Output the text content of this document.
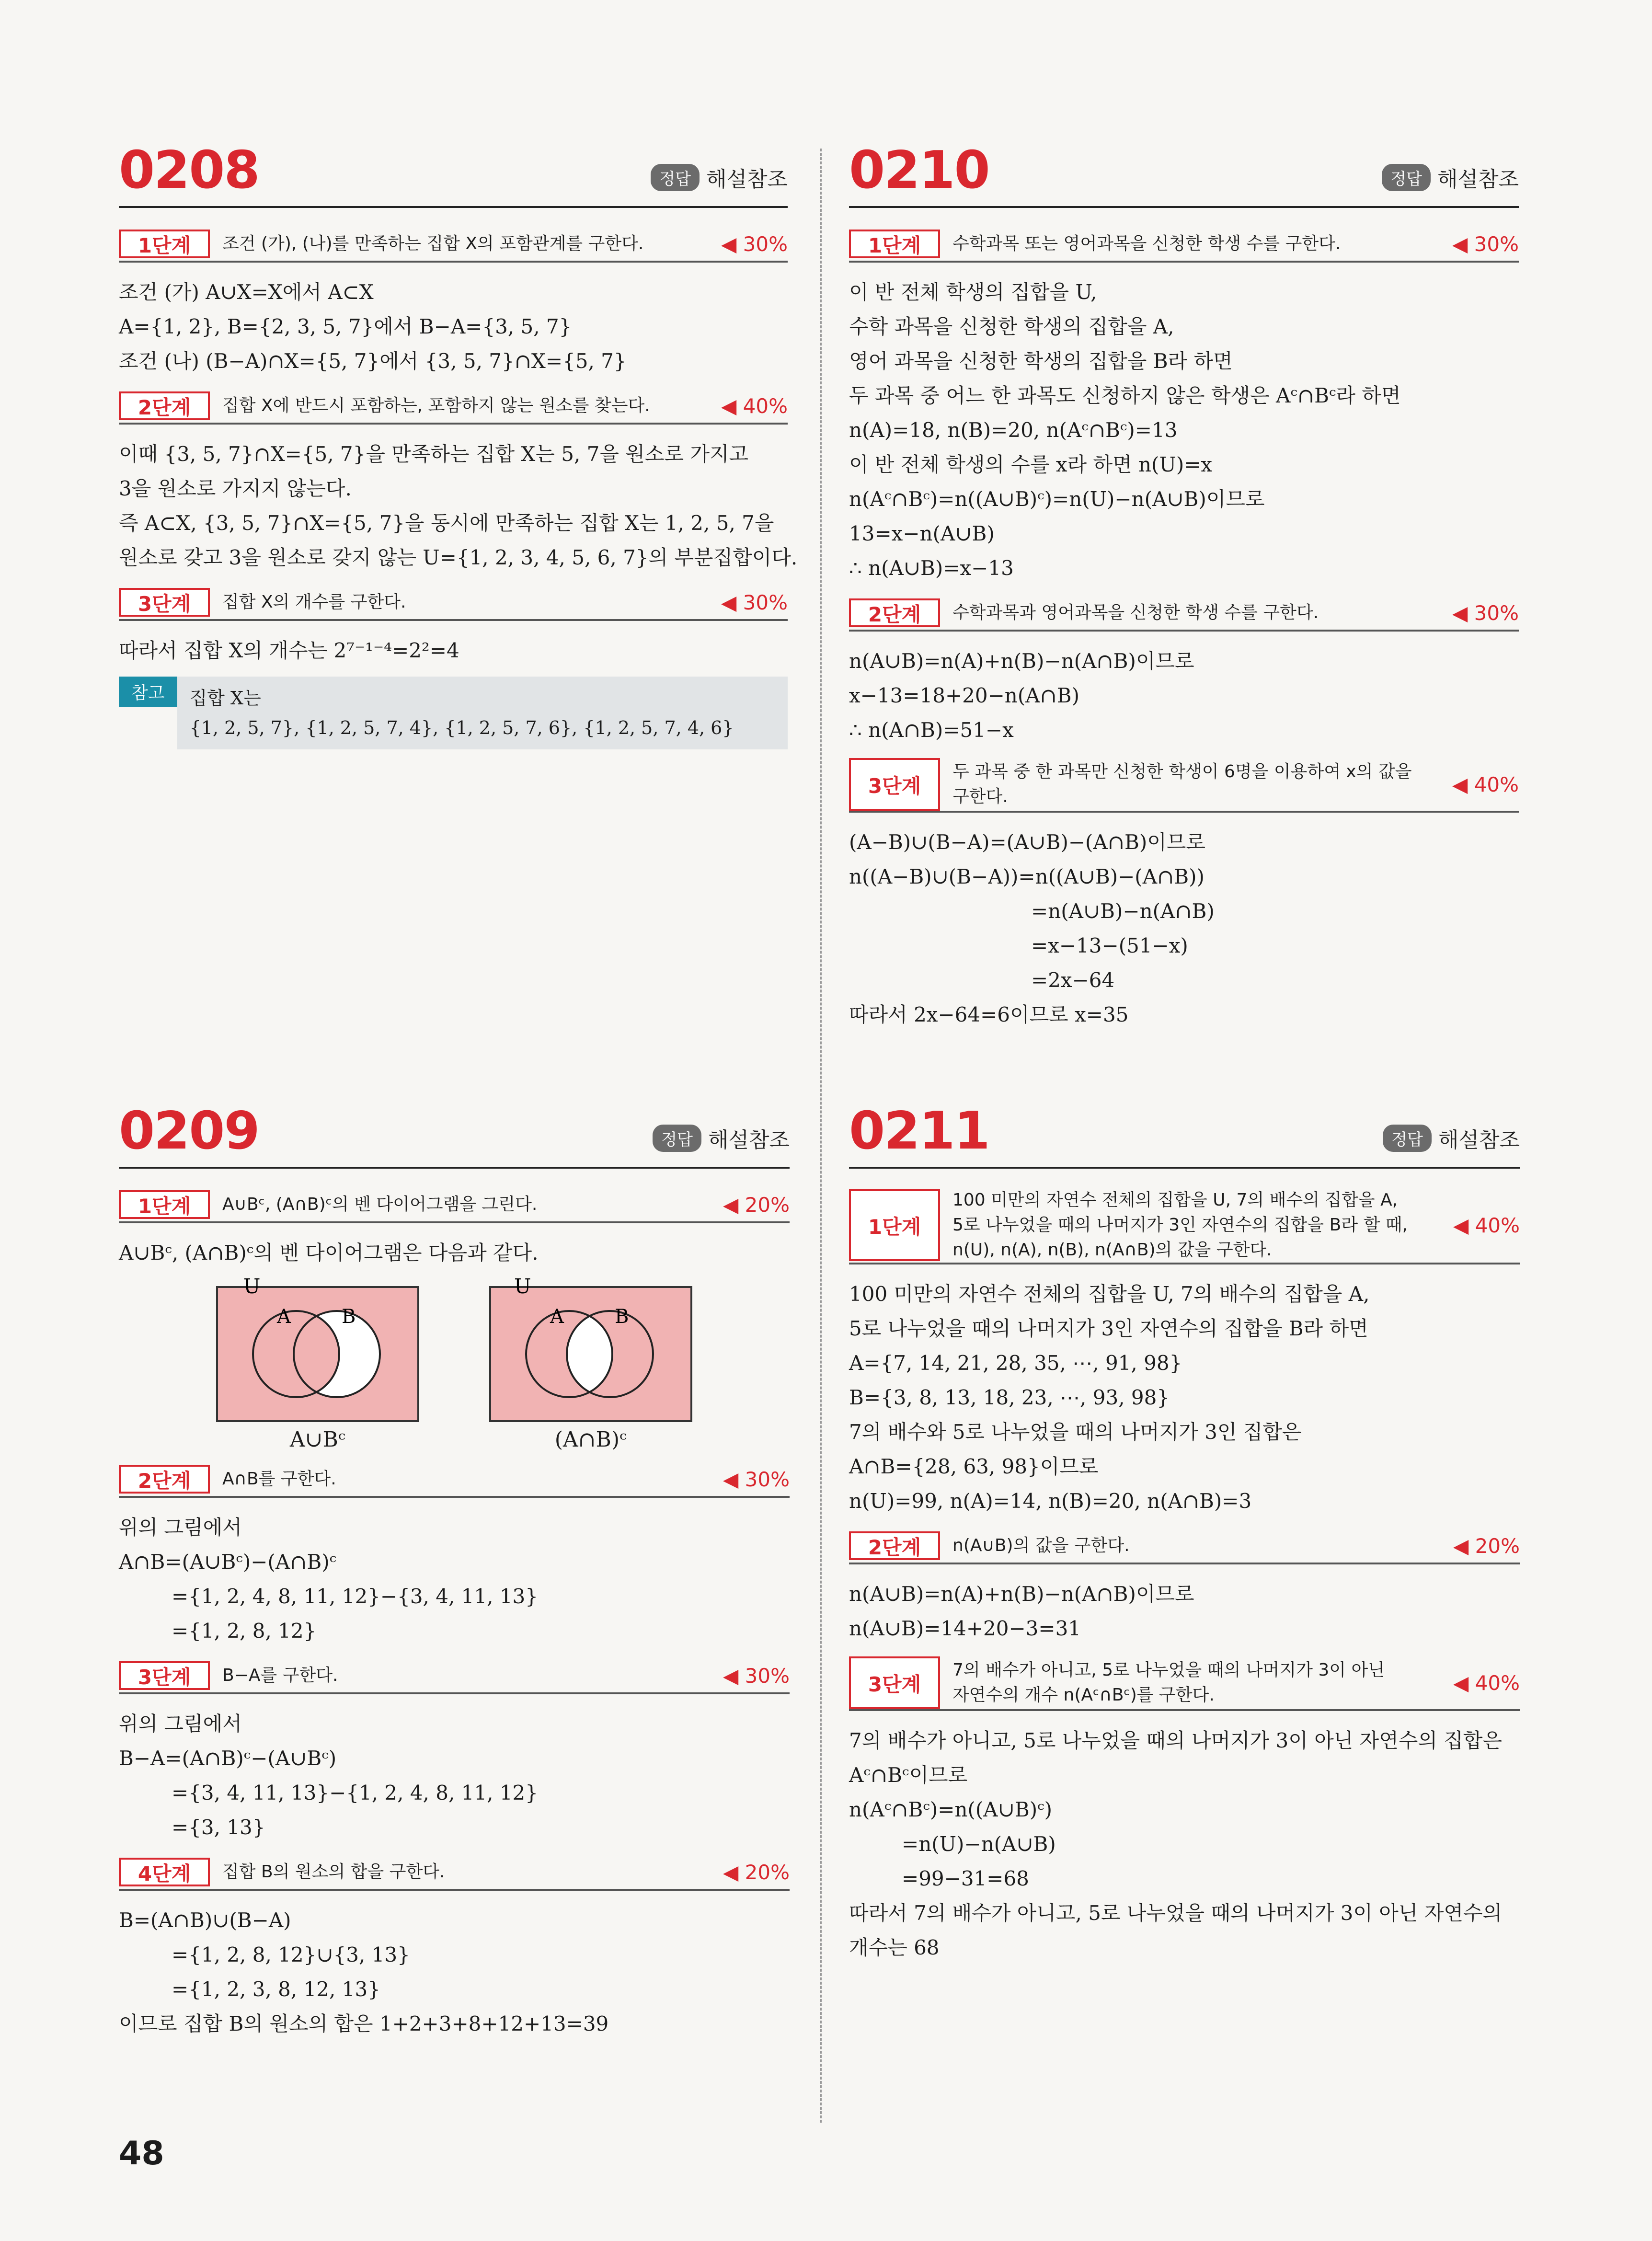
0208	정답 해설참조
1단계	조건 (가), (나)를 만족하는 집합 X의 포함관계를 구한다.	◀ 30%
조건 (가) A∪X=X에서 A⊂X
A={1, 2}, B={2, 3, 5, 7}에서 B−A={3, 5, 7}
조건 (나) (B−A)∩X={5, 7}에서 {3, 5, 7}∩X={5, 7}
2단계	집합 X에 반드시 포함하는, 포함하지 않는 원소를 찾는다.	◀ 40%
이때 {3, 5, 7}∩X={5, 7}을 만족하는 집합 X는 5, 7을 원소로 가지고
3을 원소로 가지지 않는다.
즉 A⊂X, {3, 5, 7}∩X={5, 7}을 동시에 만족하는 집합 X는 1, 2, 5, 7을
원소로 갖고 3을 원소로 갖지 않는 U={1, 2, 3, 4, 5, 6, 7}의 부분집합이다.
3단계	집합 X의 개수를 구한다.	◀ 30%
따라서 집합 X의 개수는 2⁷⁻¹⁻⁴=2²=4
참고	집합 X는
{1, 2, 5, 7}, {1, 2, 5, 7, 4}, {1, 2, 5, 7, 6}, {1, 2, 5, 7, 4, 6}
0210	정답 해설참조
1단계	수학과목 또는 영어과목을 신청한 학생 수를 구한다.	◀ 30%
이 반 전체 학생의 집합을 U,
수학 과목을 신청한 학생의 집합을 A,
영어 과목을 신청한 학생의 집합을 B라 하면
두 과목 중 어느 한 과목도 신청하지 않은 학생은 Aᶜ∩Bᶜ라 하면
n(A)=18, n(B)=20, n(Aᶜ∩Bᶜ)=13
이 반 전체 학생의 수를 x라 하면 n(U)=x
n(Aᶜ∩Bᶜ)=n((A∪B)ᶜ)=n(U)−n(A∪B)이므로
13=x−n(A∪B)
∴ n(A∪B)=x−13
2단계	수학과목과 영어과목을 신청한 학생 수를 구한다.	◀ 30%
n(A∪B)=n(A)+n(B)−n(A∩B)이므로
x−13=18+20−n(A∩B)
∴ n(A∩B)=51−x
3단계
두 과목 중 한 과목만 신청한 학생이 6명을 이용하여 x의 값을 구한다.
◀ 40%
(A−B)∪(B−A)=(A∪B)−(A∩B)이므로
n((A−B)∪(B−A))=n((A∪B)−(A∩B))
=n(A∪B)−n(A∩B)
=x−13−(51−x)
=2x−64
따라서 2x−64=6이므로 x=35
0209	정답 해설참조
1단계	A∪Bᶜ, (A∩B)ᶜ의 벤 다이어그램을 그린다.	◀ 20%
A∪Bᶜ, (A∩B)ᶜ의 벤 다이어그램은 다음과 같다.
U
A	B
A∪Bᶜ
U
A	B
(A∩B)ᶜ
2단계	A∩B를 구한다.	◀ 30%
위의 그림에서
A∩B=(A∪Bᶜ)−(A∩B)ᶜ
={1, 2, 4, 8, 11, 12}−{3, 4, 11, 13}
={1, 2, 8, 12}
3단계	B−A를 구한다.	◀ 30%
위의 그림에서
B−A=(A∩B)ᶜ−(A∪Bᶜ)
={3, 4, 11, 13}−{1, 2, 4, 8, 11, 12}
={3, 13}
4단계	집합 B의 원소의 합을 구한다.	◀ 20%
B=(A∩B)∪(B−A)
={1, 2, 8, 12}∪{3, 13}
={1, 2, 3, 8, 12, 13}
이므로 집합 B의 원소의 합은 1+2+3+8+12+13=39
0211	정답 해설참조
1단계
100 미만의 자연수 전체의 집합을 U, 7의 배수의 집합을 A,
5로 나누었을 때의 나머지가 3인 자연수의 집합을 B라 할 때,
n(U), n(A), n(B), n(A∩B)의 값을 구한다.
◀ 40%
100 미만의 자연수 전체의 집합을 U, 7의 배수의 집합을 A,
5로 나누었을 때의 나머지가 3인 자연수의 집합을 B라 하면
A={7, 14, 21, 28, 35, ⋯, 91, 98}
B={3, 8, 13, 18, 23, ⋯, 93, 98}
7의 배수와 5로 나누었을 때의 나머지가 3인 집합은
A∩B={28, 63, 98}이므로
n(U)=99, n(A)=14, n(B)=20, n(A∩B)=3
2단계	n(A∪B)의 값을 구한다.	◀ 20%
n(A∪B)=n(A)+n(B)−n(A∩B)이므로
n(A∪B)=14+20−3=31
3단계
7의 배수가 아니고, 5로 나누었을 때의 나머지가 3이 아닌
자연수의 개수 n(Aᶜ∩Bᶜ)를 구한다.
◀ 40%
7의 배수가 아니고, 5로 나누었을 때의 나머지가 3이 아닌 자연수의 집합은
Aᶜ∩Bᶜ이므로
n(Aᶜ∩Bᶜ)=n((A∪B)ᶜ)
=n(U)−n(A∪B)
=99−31=68
따라서 7의 배수가 아니고, 5로 나누었을 때의 나머지가 3이 아닌 자연수의
개수는 68
48
